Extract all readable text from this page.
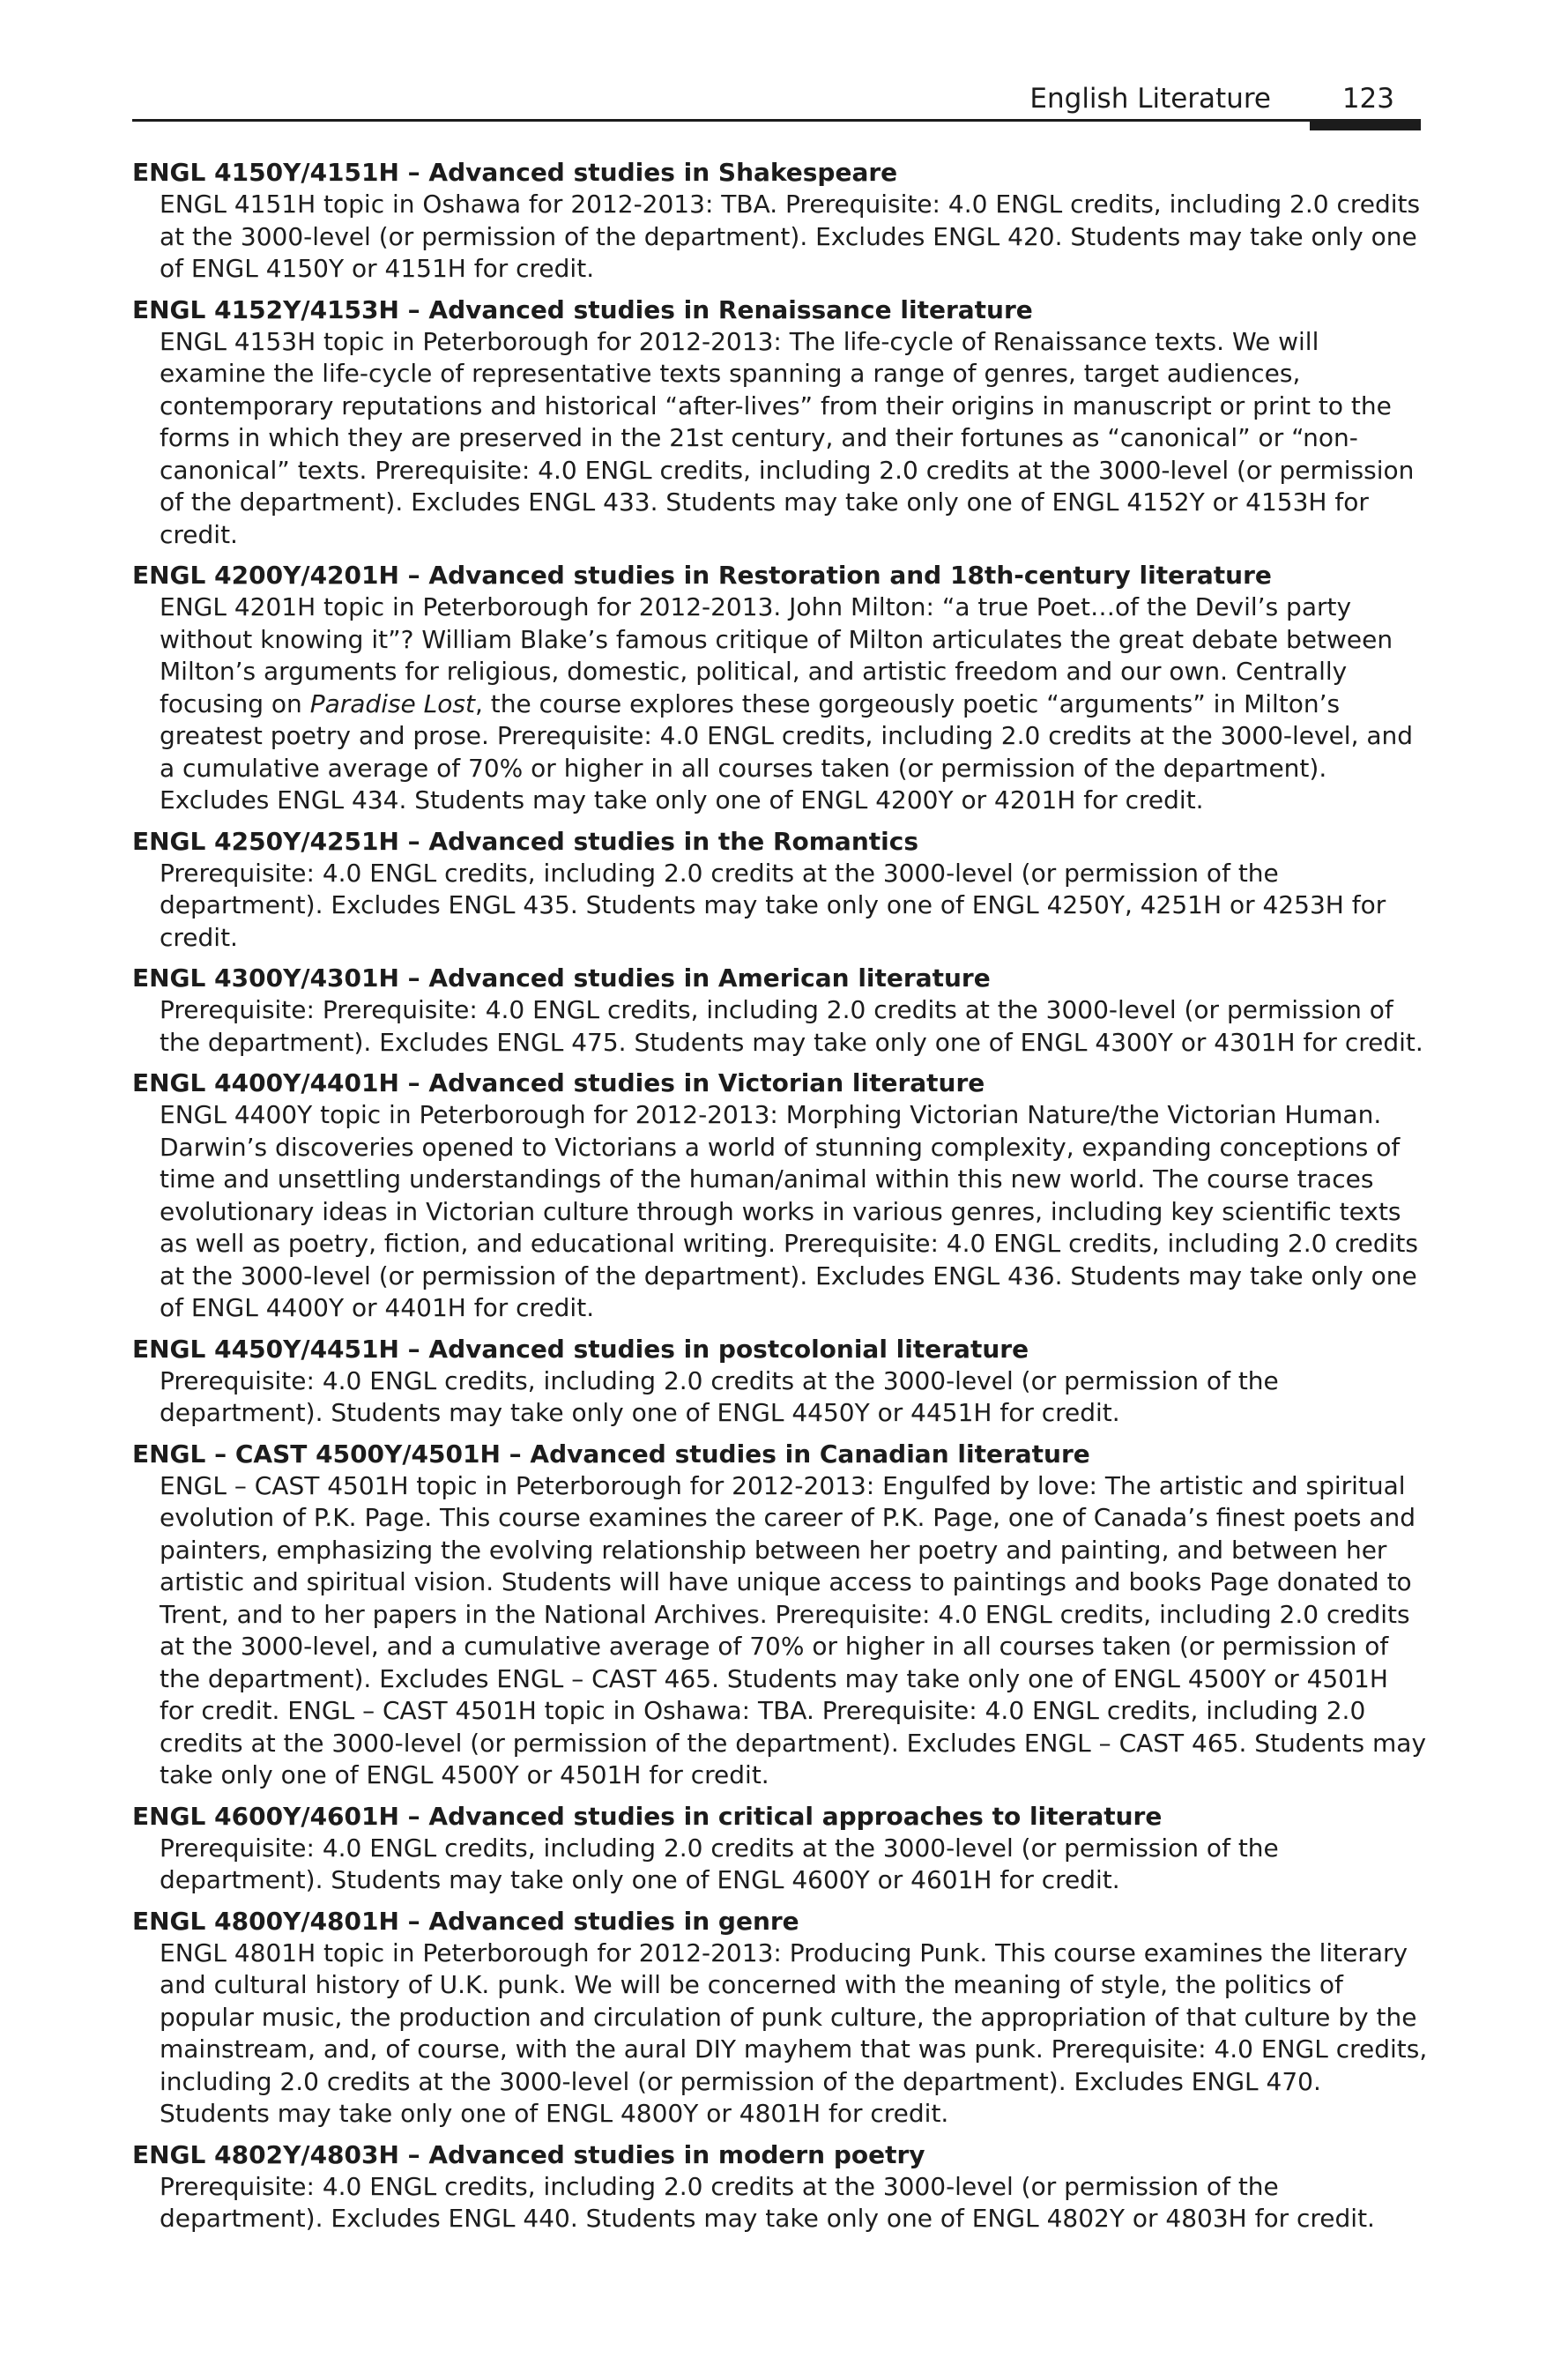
English Literature	123

ENGL 4150Y/4151H – Advanced studies in Shakespeare

ENGL 4151H topic in Oshawa for 2012-2013: TBA. Prerequisite: 4.0 ENGL credits, including 2.0 credits at the 3000-level (or permission of the department). Excludes ENGL 420. Students may take only one of ENGL 4150Y or 4151H for credit.

ENGL 4152Y/4153H – Advanced studies in Renaissance literature

ENGL 4153H topic in Peterborough for 2012-2013: The life-cycle of Renaissance texts. We will examine the life-cycle of representative texts spanning a range of genres, target audiences, contemporary reputations and historical “after-lives” from their origins in manuscript or print to the forms in which they are preserved in the 21st century, and their fortunes as “canonical” or “non-canonical” texts. Prerequisite: 4.0 ENGL credits, including 2.0 credits at the 3000-level (or permission of the department). Excludes ENGL 433. Students may take only one of ENGL 4152Y or 4153H for credit.

ENGL 4200Y/4201H – Advanced studies in Restoration and 18th-century literature

ENGL 4201H topic in Peterborough for 2012-2013. John Milton: “a true Poet…of the Devil’s party without knowing it”? William Blake’s famous critique of Milton articulates the great debate between Milton’s arguments for religious, domestic, political, and artistic freedom and our own. Centrally focusing on Paradise Lost, the course explores these gorgeously poetic “arguments” in Milton’s greatest poetry and prose. Prerequisite: 4.0 ENGL credits, including 2.0 credits at the 3000-level, and a cumulative average of 70% or higher in all courses taken (or permission of the department). Excludes ENGL 434. Students may take only one of ENGL 4200Y or 4201H for credit.

ENGL 4250Y/4251H – Advanced studies in the Romantics

Prerequisite: 4.0 ENGL credits, including 2.0 credits at the 3000-level (or permission of the department). Excludes ENGL 435. Students may take only one of ENGL 4250Y, 4251H or 4253H for credit.

ENGL 4300Y/4301H – Advanced studies in American literature

Prerequisite: Prerequisite: 4.0 ENGL credits, including 2.0 credits at the 3000-level (or permission of the department). Excludes ENGL 475. Students may take only one of ENGL 4300Y or 4301H for credit.

ENGL 4400Y/4401H – Advanced studies in Victorian literature

ENGL 4400Y topic in Peterborough for 2012-2013: Morphing Victorian Nature/the Victorian Human. Darwin’s discoveries opened to Victorians a world of stunning complexity, expanding conceptions of time and unsettling understandings of the human/animal within this new world. The course traces evolutionary ideas in Victorian culture through works in various genres, including key scientific texts as well as poetry, fiction, and educational writing. Prerequisite: 4.0 ENGL credits, including 2.0 credits at the 3000-level (or permission of the department). Excludes ENGL 436. Students may take only one of ENGL 4400Y or 4401H for credit.

ENGL 4450Y/4451H – Advanced studies in postcolonial literature

Prerequisite: 4.0 ENGL credits, including 2.0 credits at the 3000-level (or permission of the department). Students may take only one of ENGL 4450Y or 4451H for credit.

ENGL – CAST 4500Y/4501H – Advanced studies in Canadian literature

ENGL – CAST 4501H topic in Peterborough for 2012-2013: Engulfed by love: The artistic and spiritual evolution of P.K. Page. This course examines the career of P.K. Page, one of Canada’s finest poets and painters, emphasizing the evolving relationship between her poetry and painting, and between her artistic and spiritual vision. Students will have unique access to paintings and books Page donated to Trent, and to her papers in the National Archives. Prerequisite: 4.0 ENGL credits, including 2.0 credits at the 3000-level, and a cumulative average of 70% or higher in all courses taken (or permission of the department). Excludes ENGL – CAST 465. Students may take only one of ENGL 4500Y or 4501H for credit. ENGL – CAST 4501H topic in Oshawa: TBA. Prerequisite: 4.0 ENGL credits, including 2.0 credits at the 3000-level (or permission of the department). Excludes ENGL – CAST 465. Students may take only one of ENGL 4500Y or 4501H for credit.

ENGL 4600Y/4601H – Advanced studies in critical approaches to literature

Prerequisite: 4.0 ENGL credits, including 2.0 credits at the 3000-level (or permission of the department). Students may take only one of ENGL 4600Y or 4601H for credit.

ENGL 4800Y/4801H – Advanced studies in genre

ENGL 4801H topic in Peterborough for 2012-2013: Producing Punk. This course examines the literary and cultural history of U.K. punk. We will be concerned with the meaning of style, the politics of popular music, the production and circulation of punk culture, the appropriation of that culture by the mainstream, and, of course, with the aural DIY mayhem that was punk. Prerequisite: 4.0 ENGL credits, including 2.0 credits at the 3000-level (or permission of the department). Excludes ENGL 470. Students may take only one of ENGL 4800Y or 4801H for credit.

ENGL 4802Y/4803H – Advanced studies in modern poetry

Prerequisite: 4.0 ENGL credits, including 2.0 credits at the 3000-level (or permission of the department). Excludes ENGL 440. Students may take only one of ENGL 4802Y or 4803H for credit.
